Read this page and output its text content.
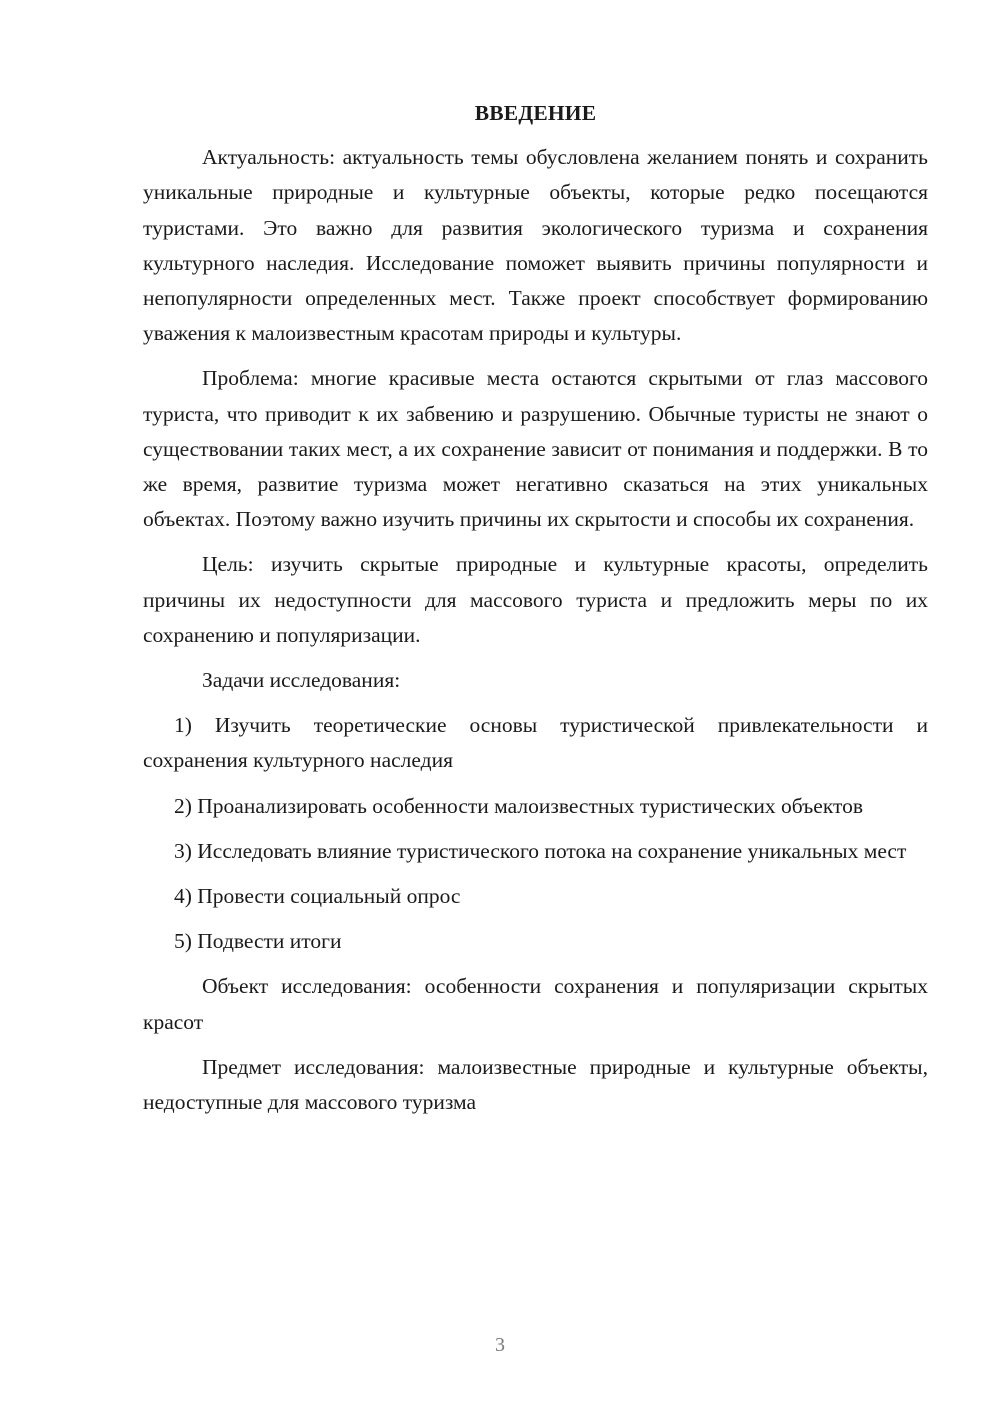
ВВЕДЕНИЕ

Актуальность: актуальность темы обусловлена желанием понять и сохранить уникальные природные и культурные объекты, которые редко посещаются туристами. Это важно для развития экологического туризма и сохранения культурного наследия. Исследование поможет выявить причины популярности и непопулярности определенных мест. Также проект способствует формированию уважения к малоизвестным красотам природы и культуры.

Проблема: многие красивые места остаются скрытыми от глаз массового туриста, что приводит к их забвению и разрушению. Обычные туристы не знают о существовании таких мест, а их сохранение зависит от понимания и поддержки. В то же время, развитие туризма может негативно сказаться на этих уникальных объектах. Поэтому важно изучить причины их скрытости и способы их сохранения.

Цель: изучить скрытые природные и культурные красоты, определить причины их недоступности для массового туриста и предложить меры по их сохранению и популяризации.

Задачи исследования:

1) Изучить теоретические основы туристической привлекательности и сохранения культурного наследия

2) Проанализировать особенности малоизвестных туристических объектов

3) Исследовать влияние туристического потока на сохранение уникальных мест

4) Провести социальный опрос

5) Подвести итоги

Объект исследования: особенности сохранения и популяризации скрытых красот

Предмет исследования: малоизвестные природные и культурные объекты, недоступные для массового туризма

3
